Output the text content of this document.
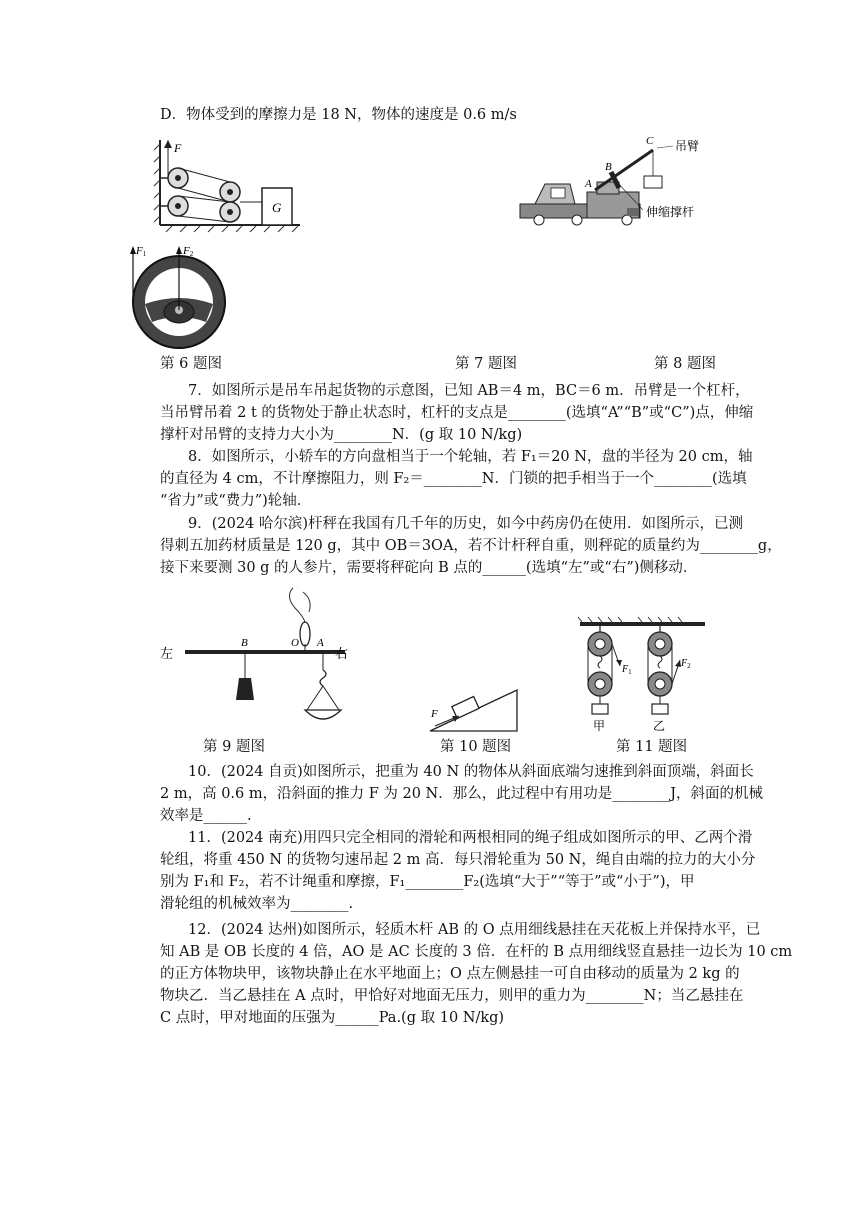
D．物体受到的摩擦力是 18 N，物体的速度是 0.6 m/s
F
G
A
B
C 吊臂
伸缩撑杆
F1	F2
第 6 题图	第 7 题图	第 8 题图
7．如图所示是吊车吊起货物的示意图，已知 AB＝4 m，BC＝6 m．吊臂是一个杠杆，
当吊臂吊着 2 t 的货物处于静止状态时，杠杆的支点是________(选填“A”“B”或“C”)点，伸缩
撑杆对吊臂的支持力大小为________N．(g 取 10 N/kg)
8．如图所示，小轿车的方向盘相当于一个轮轴，若 F₁＝20 N，盘的半径为 20 cm，轴
的直径为 4 cm，不计摩擦阻力，则 F₂＝________N．门锁的把手相当于一个________(选填
“省力”或“费力”)轮轴．
9．(2024 哈尔滨)杆秤在我国有几千年的历史，如今中药房仍在使用．如图所示，已测
得刺五加药材质量是 120 g，其中 OB＝3OA，若不计杆秤自重，则秤砣的质量约为________g，
接下来要测 30 g 的人参片，需要将秤砣向 B 点的______(选填“左”或“右”)侧移动．
左	右
B	O A
F
$F_1$
甲
$F_2$
乙
第 9 题图	第 10 题图	第 11 题图
10．(2024 自贡)如图所示，把重为 40 N 的物体从斜面底端匀速推到斜面顶端，斜面长
2 m，高 0.6 m，沿斜面的推力 F 为 20 N．那么，此过程中有用功是________J，斜面的机械
效率是______.
11．(2024 南充)用四只完全相同的滑轮和两根相同的绳子组成如图所示的甲、乙两个滑
轮组，将重 450 N 的货物匀速吊起 2 m 高．每只滑轮重为 50 N，绳自由端的拉力的大小分
别为 F₁和 F₂，若不计绳重和摩擦，F₁________F₂(选填“大于”“等于”或“小于”)，甲
滑轮组的机械效率为________.
12．(2024 达州)如图所示，轻质木杆 AB 的 O 点用细线悬挂在天花板上并保持水平，已
知 AB 是 OB 长度的 4 倍，AO 是 AC 长度的 3 倍．在杆的 B 点用细线竖直悬挂一边长为 10 cm
的正方体物块甲，该物块静止在水平地面上；O 点左侧悬挂一可自由移动的质量为 2 kg 的
物块乙．当乙悬挂在 A 点时，甲恰好对地面无压力，则甲的重力为________N；当乙悬挂在
C 点时，甲对地面的压强为______Pa.(g 取 10 N/kg)
